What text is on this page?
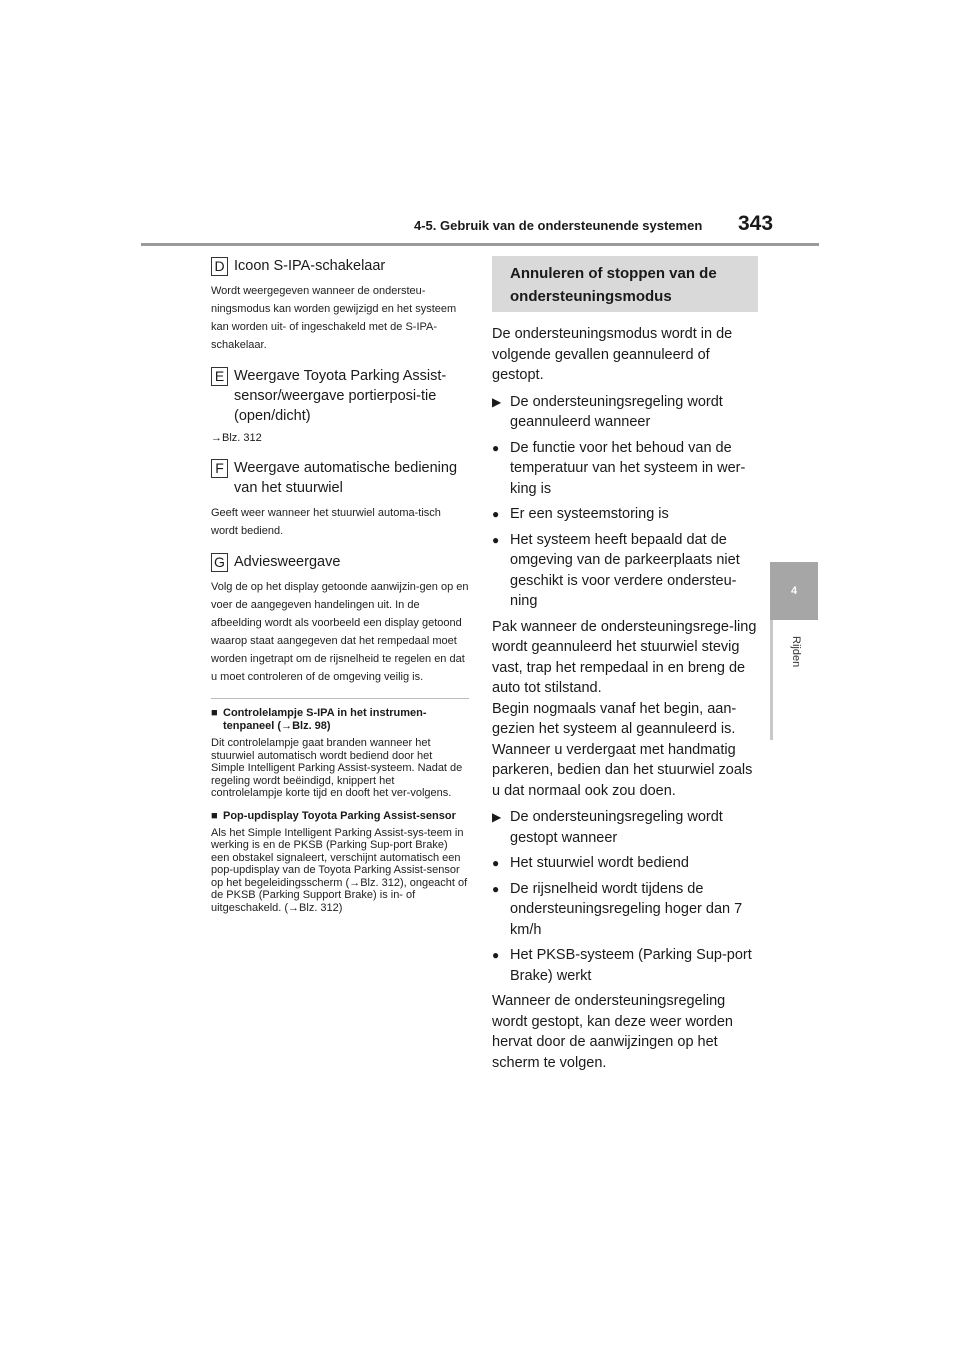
4-5. Gebruik van de ondersteunende systemen 343
4
Rijden
D Icoon S-IPA-schakelaar
Wordt weergegeven wanneer de ondersteu-ningsmodus kan worden gewijzigd en het systeem kan worden uit- of ingeschakeld met de S-IPA-schakelaar.
E Weergave Toyota Parking Assist-sensor/weergave portierposi-tie (open/dicht)
→Blz. 312
F Weergave automatische bediening van het stuurwiel
Geeft weer wanneer het stuurwiel automa-tisch wordt bediend.
G Adviesweergave
Volg de op het display getoonde aanwijzin-gen op en voer de aangegeven handelingen uit. In de afbeelding wordt als voorbeeld een display getoond waarop staat aangegeven dat het rempedaal moet worden ingetrapt om de rijsnelheid te regelen en dat u moet controleren of de omgeving veilig is.
■ Controlelampje S-IPA in het instrumen-tenpaneel (→Blz. 98)
Dit controlelampje gaat branden wanneer het stuurwiel automatisch wordt bediend door het Simple Intelligent Parking Assist-systeem. Nadat de regeling wordt beëindigd, knippert het controlelampje korte tijd en dooft het ver-volgens.
■ Pop-updisplay Toyota Parking Assist-sensor
Als het Simple Intelligent Parking Assist-sys-teem in werking is en de PKSB (Parking Sup-port Brake) een obstakel signaleert, verschijnt automatisch een pop-updisplay van de Toyota Parking Assist-sensor op het begeleidingsscherm (→Blz. 312), ongeacht of de PKSB (Parking Support Brake) is in- of uitgeschakeld. (→Blz. 312)
Annuleren of stoppen van de ondersteuningsmodus
De ondersteuningsmodus wordt in de volgende gevallen geannuleerd of gestopt.
▶ De ondersteuningsregeling wordt geannuleerd wanneer
● De functie voor het behoud van de temperatuur van het systeem in wer-king is
● Er een systeemstoring is
● Het systeem heeft bepaald dat de omgeving van de parkeerplaats niet geschikt is voor verdere ondersteu-ning
Pak wanneer de ondersteuningsrege-ling wordt geannuleerd het stuurwiel stevig vast, trap het rempedaal in en breng de auto tot stilstand.
Begin nogmaals vanaf het begin, aan-gezien het systeem al geannuleerd is. Wanneer u verdergaat met handmatig parkeren, bedien dan het stuurwiel zoals u dat normaal ook zou doen.
▶ De ondersteuningsregeling wordt gestopt wanneer
● Het stuurwiel wordt bediend
● De rijsnelheid wordt tijdens de ondersteuningsregeling hoger dan 7 km/h
● Het PKSB-systeem (Parking Sup-port Brake) werkt
Wanneer de ondersteuningsregeling wordt gestopt, kan deze weer worden hervat door de aanwijzingen op het scherm te volgen.
